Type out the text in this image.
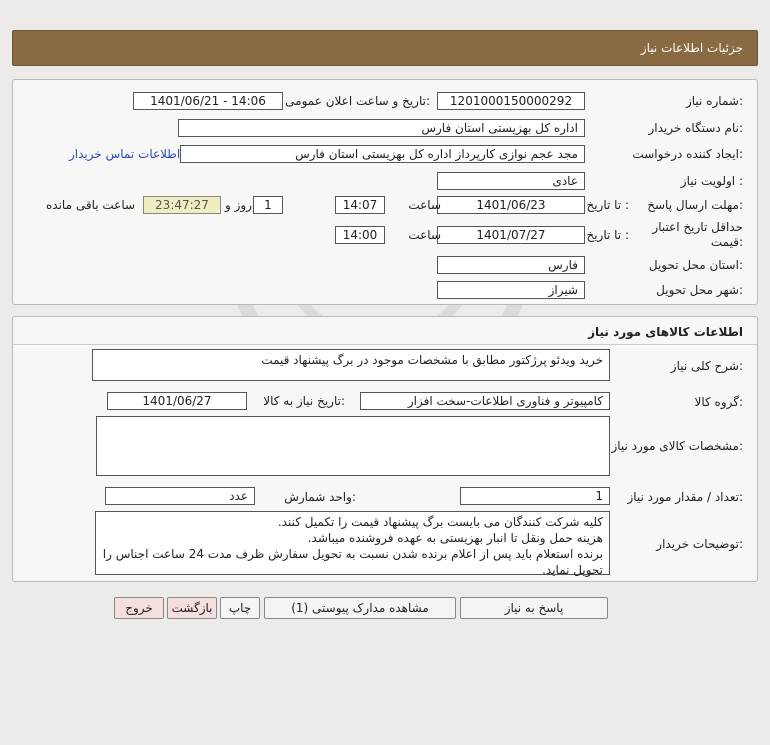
جزئیات اطلاعات نیاز
شماره نیاز:
1201000150000292
تاریخ و ساعت اعلان عمومی:
1401/06/21 - 14:06
نام دستگاه خریدار:
اداره کل بهزیستی استان فارس
ایجاد کننده درخواست:
مجد عجم نوازی کارپرداز اداره کل بهزیستی استان فارس
اطلاعات تماس خریدار
اولویت نیاز :
عادی
مهلت ارسال پاسخ:
تا تاریخ :
1401/06/23
ساعت
14:07
1
روز و
23:47:27
ساعت باقی مانده
حداقل تاریخ اعتبار
قیمت:
تا تاریخ :
1401/07/27
ساعت
14:00
استان محل تحویل:
فارس
شهر محل تحویل:
شیراز
اطلاعات کالاهای مورد نیاز
شرح کلی نیاز:
خرید ویدئو پرژکتور مطابق با مشخصات موجود در برگ پیشنهاد قیمت
گروه کالا:
کامپیوتر و فناوری اطلاعات-سخت افزار
تاریخ نیاز به کالا:
1401/06/27
مشخصات کالای مورد نیاز:
تعداد / مقدار مورد نیاز:
1
واحد شمارش:
عدد
توضیحات خریدار:
کلیه شرکت کنندگان می بایست برگ پیشنهاد قیمت را تکمیل کنند.
هزینه حمل ونقل تا انبار بهزیستی به عهده فروشنده میباشد.
برنده استعلام باید پس از اعلام برنده شدن نسبت به تحویل سفارش ظرف مدت 24 ساعت اجناس را
تحویل نماید.
پاسخ به نیاز
مشاهده مدارک پیوستی (1)
چاپ
بازگشت
خروج
